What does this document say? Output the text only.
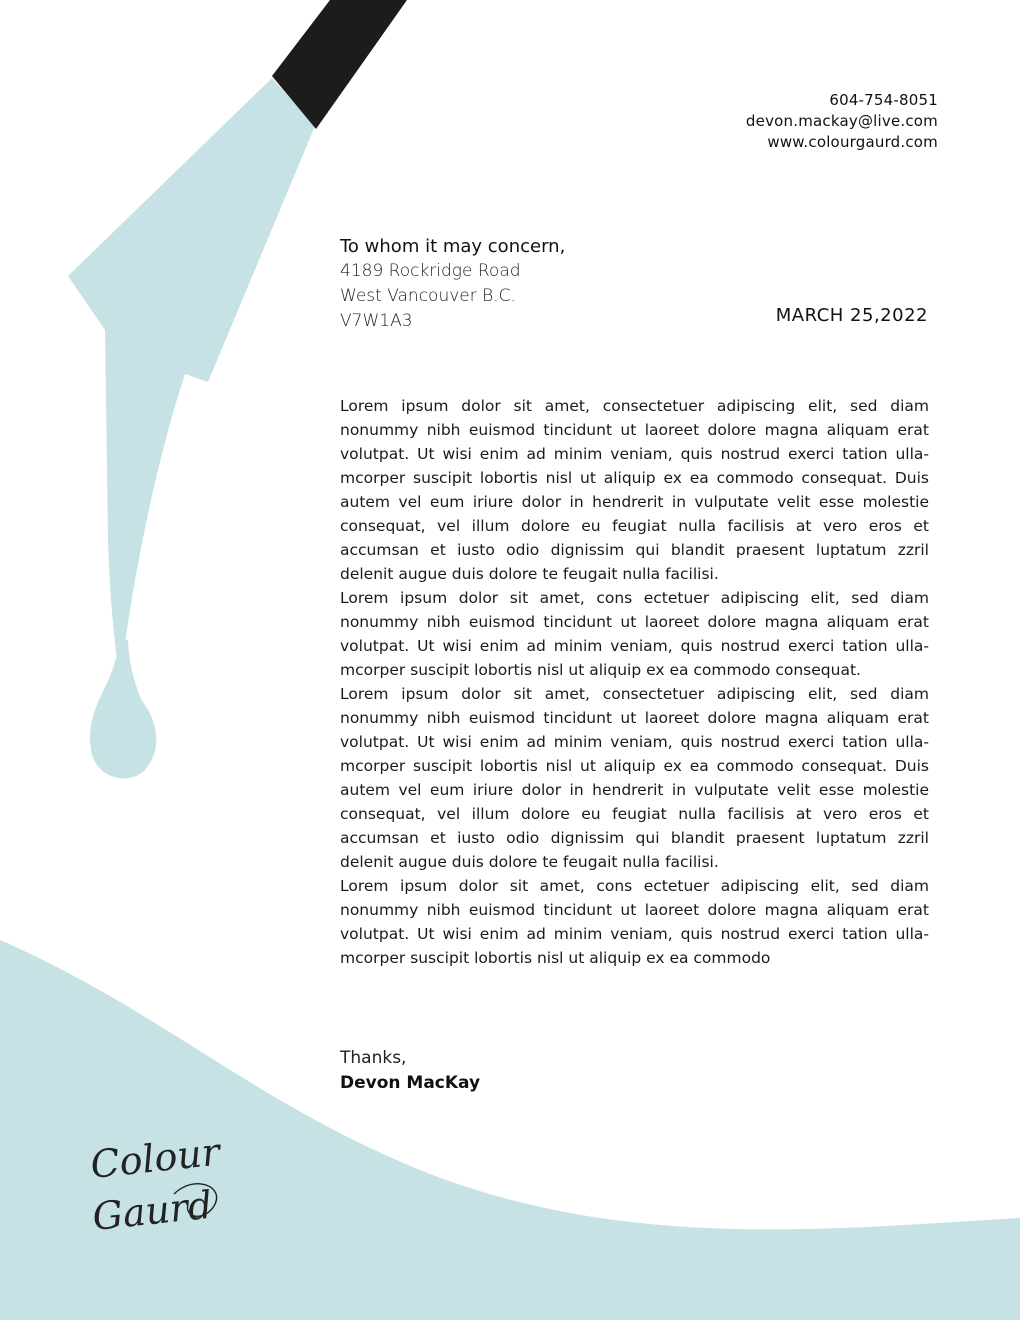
604-754-8051
devon.mackay@live.com
www.colourgaurd.com
To whom it may concern,
4189 Rockridge Road
West Vancouver B.C.
V7W1A3	MARCH 25,2022

Lorem ipsum dolor sit amet, consectetuer adipiscing elit, sed diam nonummy nibh euismod tincidunt ut laoreet dolore magna aliquam erat volutpat. Ut wisi enim ad minim veniam, quis nostrud exerci tation ulla-mcorper suscipit lobortis nisl ut aliquip ex ea commodo consequat. Duis autem vel eum iriure dolor in hendrerit in vulputate velit esse molestie consequat, vel illum dolore eu feugiat nulla facilisis at vero eros et accumsan et iusto odio dignissim qui blandit praesent luptatum zzril delenit augue duis dolore te feugait nulla facilisi.

Lorem ipsum dolor sit amet, cons ectetuer adipiscing elit, sed diam nonummy nibh euismod tincidunt ut laoreet dolore magna aliquam erat volutpat. Ut wisi enim ad minim veniam, quis nostrud exerci tation ulla-mcorper suscipit lobortis nisl ut aliquip ex ea commodo consequat.

Lorem ipsum dolor sit amet, consectetuer adipiscing elit, sed diam nonummy nibh euismod tincidunt ut laoreet dolore magna aliquam erat volutpat. Ut wisi enim ad minim veniam, quis nostrud exerci tation ulla-mcorper suscipit lobortis nisl ut aliquip ex ea commodo consequat. Duis autem vel eum iriure dolor in hendrerit in vulputate velit esse molestie consequat, vel illum dolore eu feugiat nulla facilisis at vero eros et accumsan et iusto odio dignissim qui blandit praesent luptatum zzril delenit augue duis dolore te feugait nulla facilisi.

Lorem ipsum dolor sit amet, cons ectetuer adipiscing elit, sed diam nonummy nibh euismod tincidunt ut laoreet dolore magna aliquam erat volutpat. Ut wisi enim ad minim veniam, quis nostrud exerci tation ulla-mcorper suscipit lobortis nisl ut aliquip ex ea commodo

Thanks,
Devon MacKay
Colour
Gaurd
